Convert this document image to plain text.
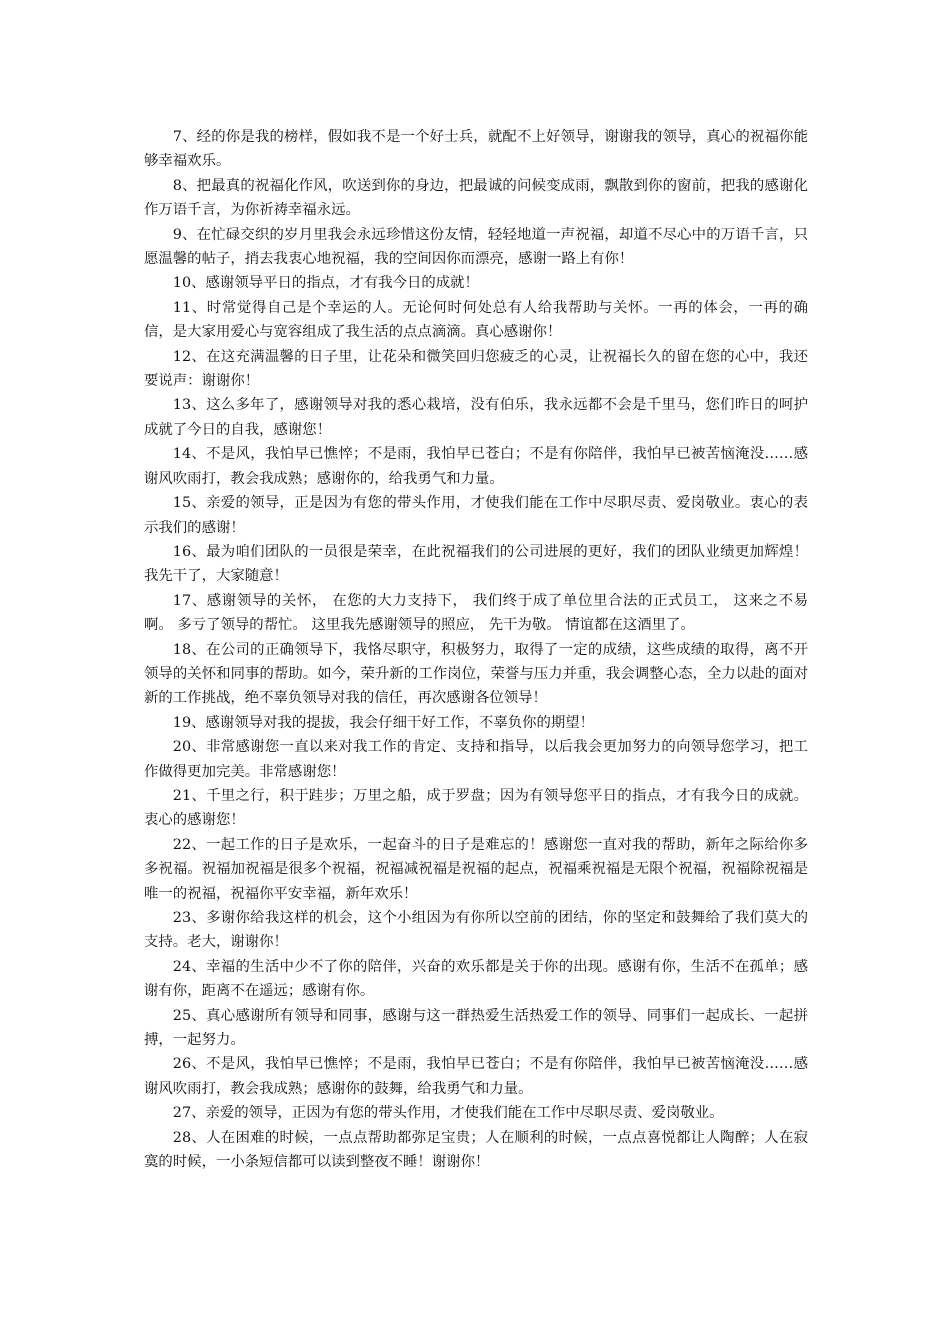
7、经的你是我的榜样，假如我不是一个好士兵，就配不上好领导，谢谢我的领导，真心的祝福你能够幸福欢乐。

8、把最真的祝福化作风，吹送到你的身边，把最诚的问候变成雨，飘散到你的窗前，把我的感谢化作万语千言，为你祈祷幸福永远。

9、在忙碌交织的岁月里我会永远珍惜这份友情，轻轻地道一声祝福，却道不尽心中的万语千言，只愿温馨的帖子，捎去我衷心地祝福，我的空间因你而漂亮，感谢一路上有你！

10、感谢领导平日的指点，才有我今日的成就！

11、时常觉得自己是个幸运的人。无论何时何处总有人给我帮助与关怀。一再的体会，一再的确信，是大家用爱心与宽容组成了我生活的点点滴滴。真心感谢你！

12、在这充满温馨的日子里，让花朵和微笑回归您疲乏的心灵，让祝福长久的留在您的心中，我还要说声：谢谢你！

13、这么多年了，感谢领导对我的悉心栽培，没有伯乐，我永远都不会是千里马，您们昨日的呵护成就了今日的自我，感谢您！

14、不是风，我怕早已憔悴；不是雨，我怕早已苍白；不是有你陪伴，我怕早已被苦恼淹没……感谢风吹雨打，教会我成熟；感谢你的，给我勇气和力量。

15、亲爱的领导，正是因为有您的带头作用，才使我们能在工作中尽职尽责、爱岗敬业。衷心的表示我们的感谢！

16、最为咱们团队的一员很是荣幸，在此祝福我们的公司进展的更好，我们的团队业绩更加辉煌！我先干了，大家随意！

17、感谢领导的关怀， 在您的大力支持下， 我们终于成了单位里合法的正式员工， 这来之不易啊。 多亏了领导的帮忙。 这里我先感谢领导的照应， 先干为敬。 情谊都在这酒里了。

18、在公司的正确领导下，我恪尽职守，积极努力，取得了一定的成绩，这些成绩的取得，离不开领导的关怀和同事的帮助。如今，荣升新的工作岗位，荣誉与压力并重，我会调整心态，全力以赴的面对新的工作挑战，绝不辜负领导对我的信任，再次感谢各位领导！

19、感谢领导对我的提拔，我会仔细干好工作，不辜负你的期望！

20、非常感谢您一直以来对我工作的肯定、支持和指导，以后我会更加努力的向领导您学习，把工作做得更加完美。非常感谢您！

21、千里之行，积于跬步；万里之船，成于罗盘；因为有领导您平日的指点，才有我今日的成就。衷心的感谢您！

22、一起工作的日子是欢乐，一起奋斗的日子是难忘的！感谢您一直对我的帮助，新年之际给你多多祝福。祝福加祝福是很多个祝福，祝福减祝福是祝福的起点，祝福乘祝福是无限个祝福，祝福除祝福是唯一的祝福，祝福你平安幸福，新年欢乐！

23、多谢你给我这样的机会，这个小组因为有你所以空前的团结，你的坚定和鼓舞给了我们莫大的支持。老大，谢谢你！

24、幸福的生活中少不了你的陪伴，兴奋的欢乐都是关于你的出现。感谢有你，生活不在孤单；感谢有你，距离不在遥远；感谢有你。

25、真心感谢所有领导和同事，感谢与这一群热爱生活热爱工作的领导、同事们一起成长、一起拼搏，一起努力。

26、不是风，我怕早已憔悴；不是雨，我怕早已苍白；不是有你陪伴，我怕早已被苦恼淹没……感谢风吹雨打，教会我成熟；感谢你的鼓舞，给我勇气和力量。

27、亲爱的领导，正因为有您的带头作用，才使我们能在工作中尽职尽责、爱岗敬业。

28、人在困难的时候，一点点帮助都弥足宝贵；人在顺利的时候，一点点喜悦都让人陶醉；人在寂寞的时候，一小条短信都可以读到整夜不睡！谢谢你！
